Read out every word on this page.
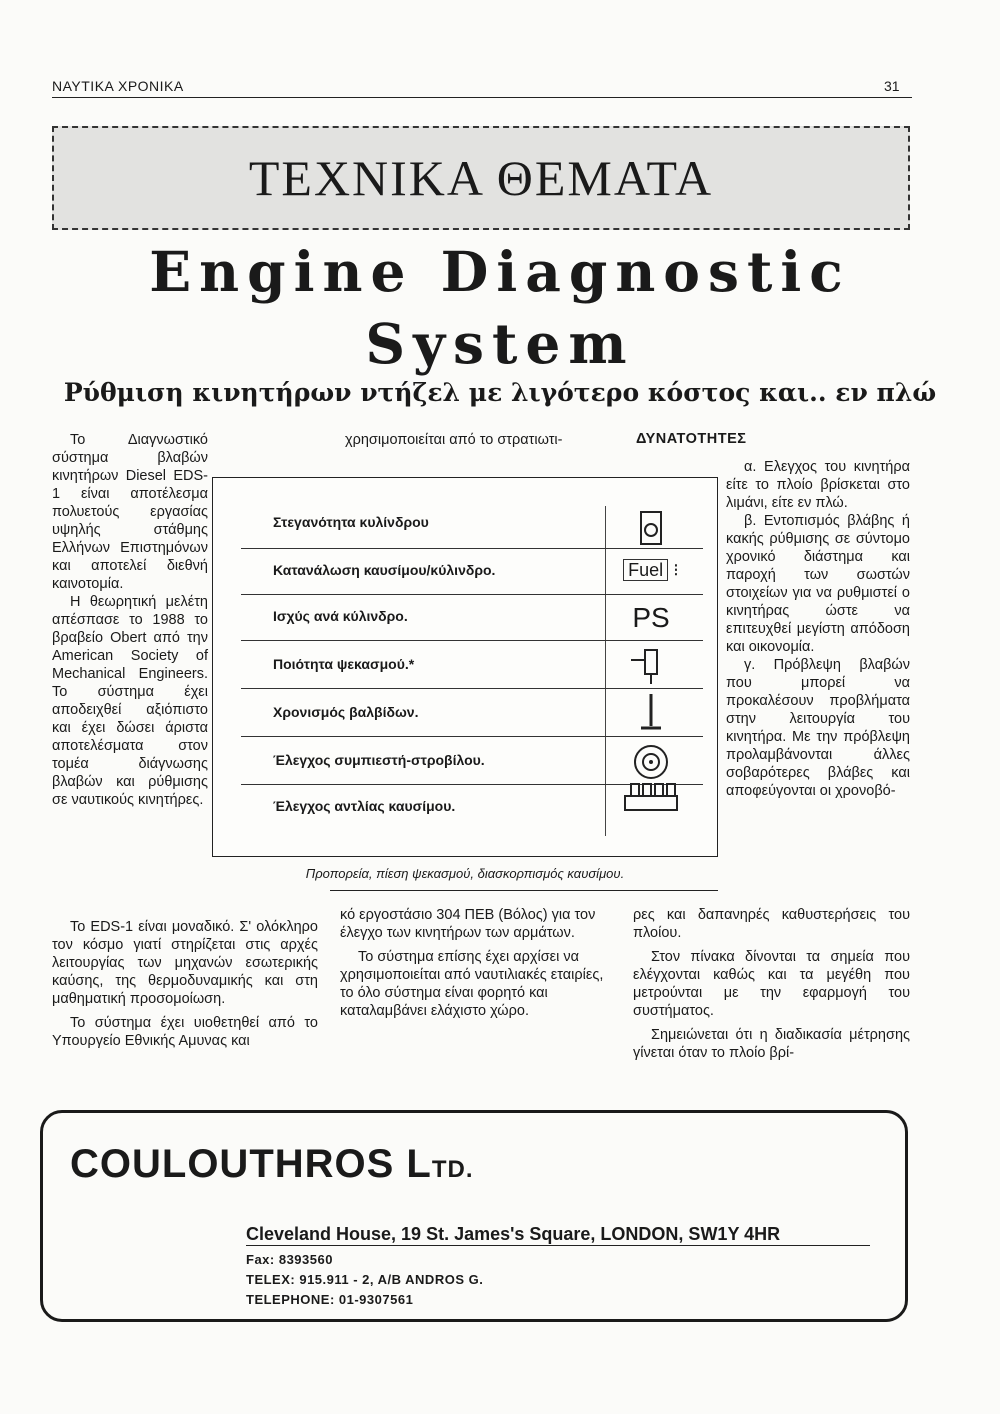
ΝΑΥΤΙΚΑ ΧΡΟΝΙΚΑ	31
ΤΕΧΝΙΚΑ ΘΕΜΑΤΑ
Engine Diagnostic
System
Ρύθμιση κινητήρων ντήζελ με λιγότερο κόστος και.. εν πλώ

Το Διαγνωστικό σύστημα βλαβών κινητήρων Diesel EDS-1 είναι αποτέλεσμα πολυετούς εργασίας υψηλής στάθμης Ελλήνων Επιστημόνων και αποτελεί διεθνή καινοτομία.

Η θεωρητική μελέτη απέσπασε το 1988 το βραβείο Obert από την American Society of Mechanical Engineers. Το σύστημα έχει αποδειχθεί αξιόπιστο και έχει δώσει άριστα αποτελέσματα στον τομέα διάγνωσης βλαβών και ρύθμισης σε ναυτικούς κινητήρες.

Το EDS-1 είναι μοναδικό. Σ' ολόκληρο τον κόσμο γιατί στηρίζεται στις αρχές λειτουργίας των μηχανών εσωτερικής καύσης, της θερμοδυναμικής και στη μαθηματική προσομοίωση.

Το σύστημα έχει υιοθετηθεί από το Υπουργείο Εθνικής Αμυνας και

χρησιμοποιείται από το στρατιωτι-

κό εργοστάσιο 304 ΠΕΒ (Βόλος) για τον έλεγχο των κινητήρων των αρμάτων.

Το σύστημα επίσης έχει αρχίσει να χρησιμοποιείται από ναυτιλιακές εταιρίες, το όλο σύστημα είναι φορητό και καταλαμβάνει ελάχιστο χώρο.

ΔΥΝΑΤΟΤΗΤΕΣ

α. Ελεγχος του κινητήρα είτε το πλοίο βρίσκεται στο λιμάνι, είτε εν πλώ.

β. Εντοπισμός βλάβης ή κακής ρύθμισης σε σύντομο χρονικό διάστημα και παροχή των σωστών στοιχείων για να ρυθμιστεί ο κινητήρας ώστε να επιτευχθεί μεγίστη απόδοση και οικονομία.

γ. Πρόβλεψη βλαβών που μπορεί να προκαλέσουν προβλήματα στην λειτουργία του κινητήρα. Με την πρόβλεψη προλαμβάνονται άλλες σοβαρότερες βλάβες και αποφεύγονται οι χρονοβό-

ρες και δαπανηρές καθυστερήσεις του πλοίου.

Στον πίνακα δίνονται τα σημεία που ελέγχονται καθώς και τα μεγέθη που μετρούνται με την εφαρμογή του συστήματος.

Σημειώνεται ότι η διαδικασία μέτρησης γίνεται όταν το πλοίο βρί-

Στεγανότητα κυλίνδρου
Κατανάλωση καυσίμου/κύλινδρο.
Ισχύς ανά κύλινδρο.
Ποιότητα ψεκασμού.*
Χρονισμός βαλβίδων.
Έλεγχος συμπιεστή-στροβίλου.
Έλεγχος αντλίας καυσίμου.
Fuel ⁝
PS
Προπορεία, πίεση ψεκασμού, διασκορπισμός καυσίμου.
COULOUTHROS LTD.
Cleveland House, 19 St. James's Square, LONDON, SW1Y 4HR
Fax: 8393560
TELEX: 915.911 - 2, A/B ANDROS G.
TELEPHONE: 01-9307561
